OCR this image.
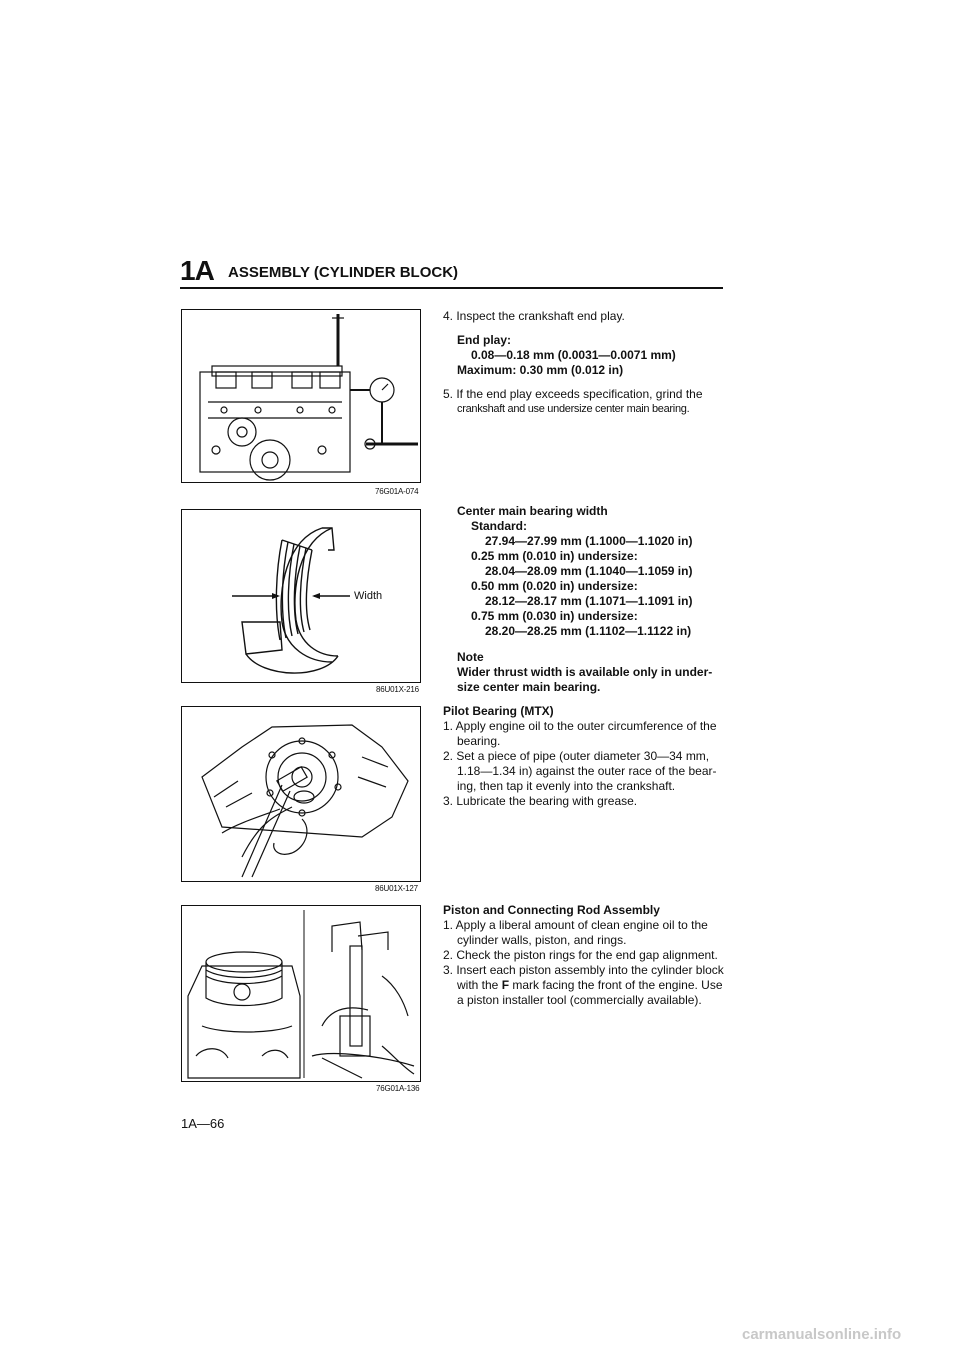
1A ASSEMBLY (CYLINDER BLOCK)
76G01A-074
Width
86U01X-216
86U01X-127
76G01A-136
4. Inspect the crankshaft end play.
End play:
0.08—0.18 mm (0.0031—0.0071 mm)
Maximum: 0.30 mm (0.012 in)
5. If the end play exceeds specification, grind the
crankshaft and use undersize center main bearing.
Center main bearing width
Standard:
27.94—27.99 mm (1.1000—1.1020 in)
0.25 mm (0.010 in) undersize:
28.04—28.09 mm (1.1040—1.1059 in)
0.50 mm (0.020 in) undersize:
28.12—28.17 mm (1.1071—1.1091 in)
0.75 mm (0.030 in) undersize:
28.20—28.25 mm (1.1102—1.1122 in)
Note
Wider thrust width is available only in under-
size center main bearing.
Pilot Bearing (MTX)
1. Apply engine oil to the outer circumference of the bearing.
2. Set a piece of pipe (outer diameter 30—34 mm, 1.18—1.34 in) against the outer race of the bear- ing, then tap it evenly into the crankshaft.
3. Lubricate the bearing with grease.
Piston and Connecting Rod Assembly
1. Apply a liberal amount of clean engine oil to the cylinder walls, piston, and rings.
2. Check the piston rings for the end gap alignment.
3. Insert each piston assembly into the cylinder block with the F mark facing the front of the engine. Use a piston installer tool (commercially available).
1A—66
carmanualsonline.info
